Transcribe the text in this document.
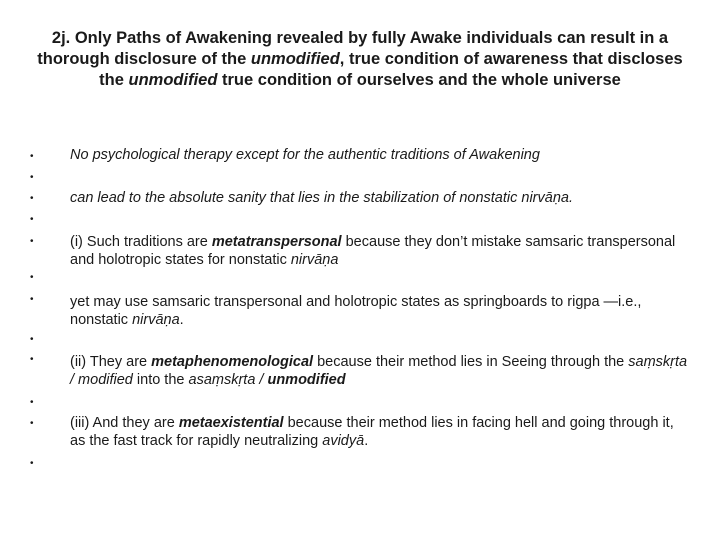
2j. Only Paths of Awakening revealed by fully Awake individuals can result in a thorough disclosure of the unmodified, true condition of awareness that discloses the unmodified true condition of ourselves and the whole universe
•
•
•
•
•
•
•
•
•
•
•
•
No psychological therapy except for the authentic traditions of Awakening
can lead to the absolute sanity that lies in the stabilization of nonstatic nirvāṇa.
(i) Such traditions are metatranspersonal because they don’t mistake samsaric transpersonal and holotropic states for nonstatic nirvāṇa
yet may use samsaric transpersonal and holotropic states as springboards to rigpa —i.e., nonstatic nirvāṇa.
(ii) They are metaphenomenological because their method lies in Seeing through the saṃskṛta / modified into the asaṃskṛta / unmodified
(iii) And they are metaexistential because their method lies in facing hell and going through it, as the fast track for rapidly neutralizing avidyā.
